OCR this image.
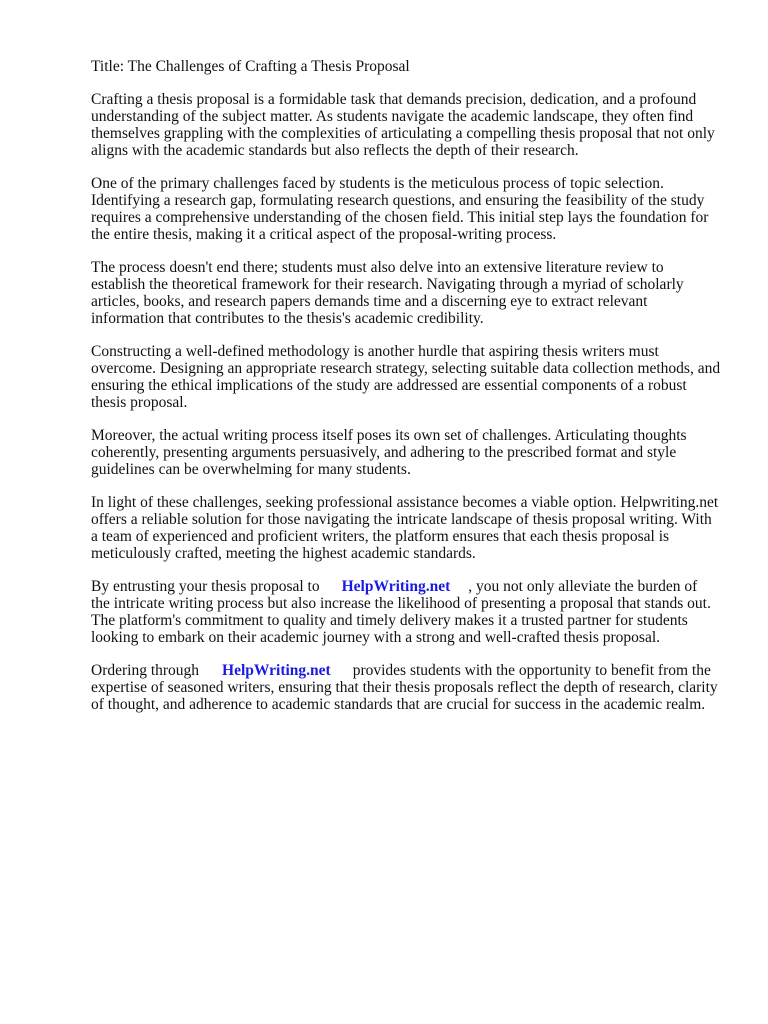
Title: The Challenges of Crafting a Thesis Proposal
Crafting a thesis proposal is a formidable task that demands precision, dedication, and a profound
understanding of the subject matter. As students navigate the academic landscape, they often find
themselves grappling with the complexities of articulating a compelling thesis proposal that not only
aligns with the academic standards but also reflects the depth of their research.
One of the primary challenges faced by students is the meticulous process of topic selection.
Identifying a research gap, formulating research questions, and ensuring the feasibility of the study
requires a comprehensive understanding of the chosen field. This initial step lays the foundation for
the entire thesis, making it a critical aspect of the proposal-writing process.
The process doesn't end there; students must also delve into an extensive literature review to
establish the theoretical framework for their research. Navigating through a myriad of scholarly
articles, books, and research papers demands time and a discerning eye to extract relevant
information that contributes to the thesis's academic credibility.
Constructing a well-defined methodology is another hurdle that aspiring thesis writers must
overcome. Designing an appropriate research strategy, selecting suitable data collection methods, and
ensuring the ethical implications of the study are addressed are essential components of a robust
thesis proposal.
Moreover, the actual writing process itself poses its own set of challenges. Articulating thoughts
coherently, presenting arguments persuasively, and adhering to the prescribed format and style
guidelines can be overwhelming for many students.
In light of these challenges, seeking professional assistance becomes a viable option. Helpwriting.net
offers a reliable solution for those navigating the intricate landscape of thesis proposal writing. With
a team of experienced and proficient writers, the platform ensures that each thesis proposal is
meticulously crafted, meeting the highest academic standards.
By entrusting your thesis proposal to HelpWriting.net , you not only alleviate the burden of
the intricate writing process but also increase the likelihood of presenting a proposal that stands out.
The platform's commitment to quality and timely delivery makes it a trusted partner for students
looking to embark on their academic journey with a strong and well-crafted thesis proposal.
Ordering through HelpWriting.net provides students with the opportunity to benefit from the
expertise of seasoned writers, ensuring that their thesis proposals reflect the depth of research, clarity
of thought, and adherence to academic standards that are crucial for success in the academic realm.
